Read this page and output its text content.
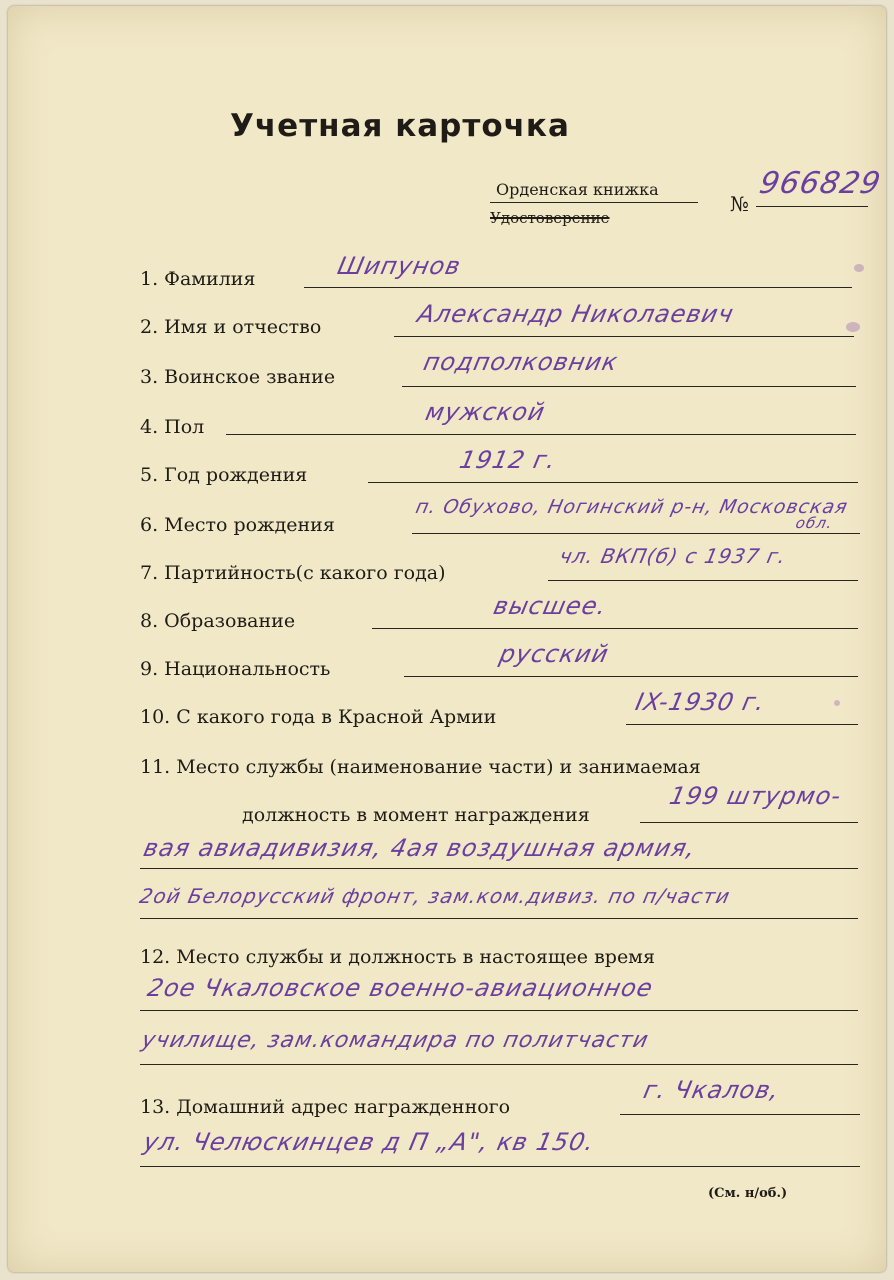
Учетная карточка
Орденская книжка
Удостоверение
№
966829
1. Фамилия	Шипунов
2. Имя и отчество	Александр Николаевич
3. Воинское звание
подполковник
4. Пол
мужской
5. Год рождения
1912 г.
6. Место рождения
п. Обухово, Ногинский р-н, Московская
обл.
7. Партийность(с какого года)
чл. ВКП(б) с 1937 г.
8. Образование
высшее.
9. Национальность
русский
10. С какого года в Красной Армии
IX-1930 г.
11. Место службы (наименование части) и занимаемая
должность в момент награждения
199 штурмо-
вая авиадивизия, 4ая воздушная армия,
2ой Белорусский фронт, зам.ком.дивиз. по п/части
12. Место службы и должность в настоящее время
2ое Чкаловское военно-авиационное
училище, зам.командира по политчасти
13. Домашний адрес награжденного
г. Чкалов,
ул. Челюскинцев д П „А", кв 150.
(См. н/об.)
